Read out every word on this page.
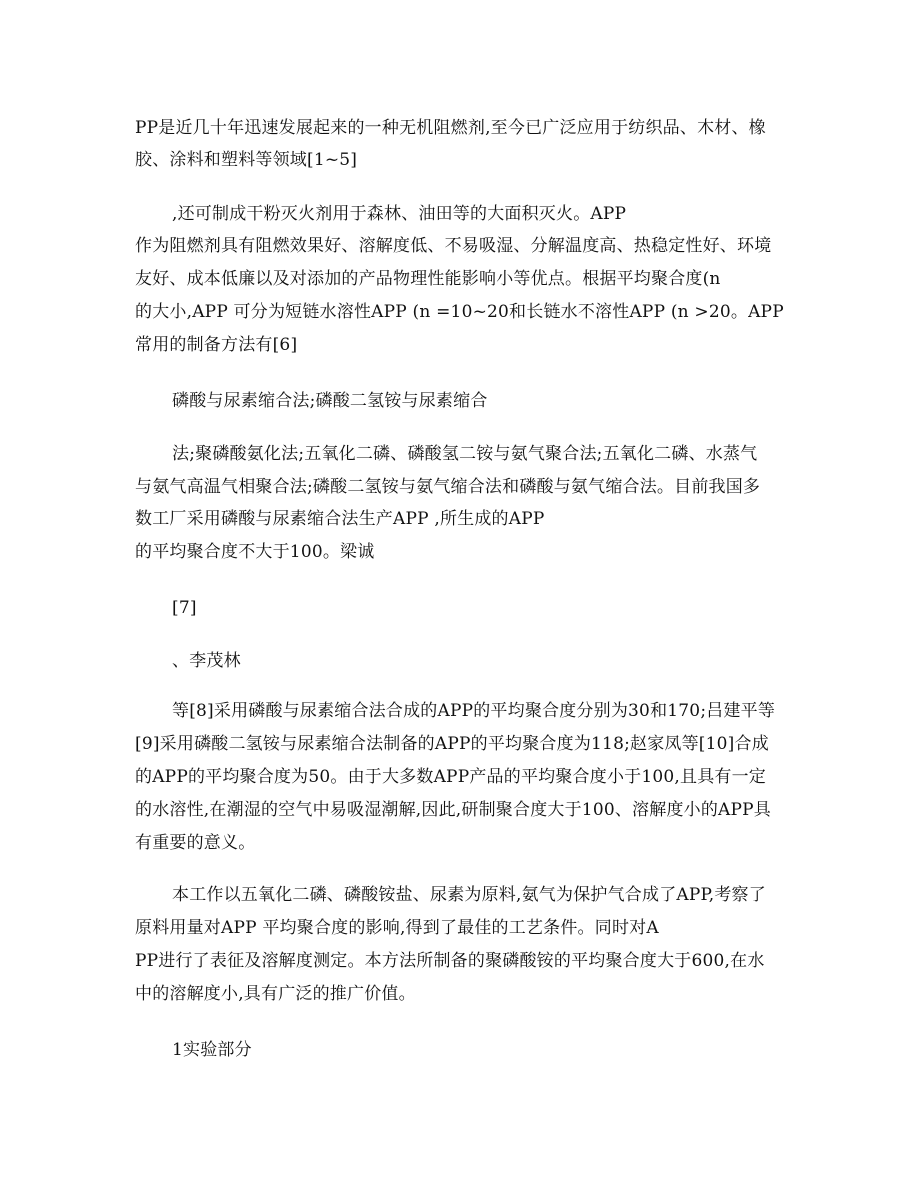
PP是近几十年迅速发展起来的一种无机阻燃剂,至今已广泛应用于纺织品、木材、橡
胶、涂料和塑料等领域[1~5]
,还可制成干粉灭火剂用于森林、油田等的大面积灭火。APP
作为阻燃剂具有阻燃效果好、溶解度低、不易吸湿、分解温度高、热稳定性好、环境
友好、成本低廉以及对添加的产品物理性能影响小等优点。根据平均聚合度(n
的大小,APP 可分为短链水溶性APP (n =10~20和长链水不溶性APP (n >20。APP
常用的制备方法有[6]
磷酸与尿素缩合法;磷酸二氢铵与尿素缩合
法;聚磷酸氨化法;五氧化二磷、磷酸氢二铵与氨气聚合法;五氧化二磷、水蒸气
与氨气高温气相聚合法;磷酸二氢铵与氨气缩合法和磷酸与氨气缩合法。目前我国多
数工厂采用磷酸与尿素缩合法生产APP ,所生成的APP
的平均聚合度不大于100。梁诚
[7]
、李茂林
等[8]采用磷酸与尿素缩合法合成的APP的平均聚合度分别为30和170;吕建平等
[9]采用磷酸二氢铵与尿素缩合法制备的APP的平均聚合度为118;赵家凤等[10]合成
的APP的平均聚合度为50。由于大多数APP产品的平均聚合度小于100,且具有一定
的水溶性,在潮湿的空气中易吸湿潮解,因此,研制聚合度大于100、溶解度小的APP具
有重要的意义。
本工作以五氧化二磷、磷酸铵盐、尿素为原料,氨气为保护气合成了APP,考察了
原料用量对APP 平均聚合度的影响,得到了最佳的工艺条件。同时对A
PP进行了表征及溶解度测定。本方法所制备的聚磷酸铵的平均聚合度大于600,在水
中的溶解度小,具有广泛的推广价值。
1实验部分
